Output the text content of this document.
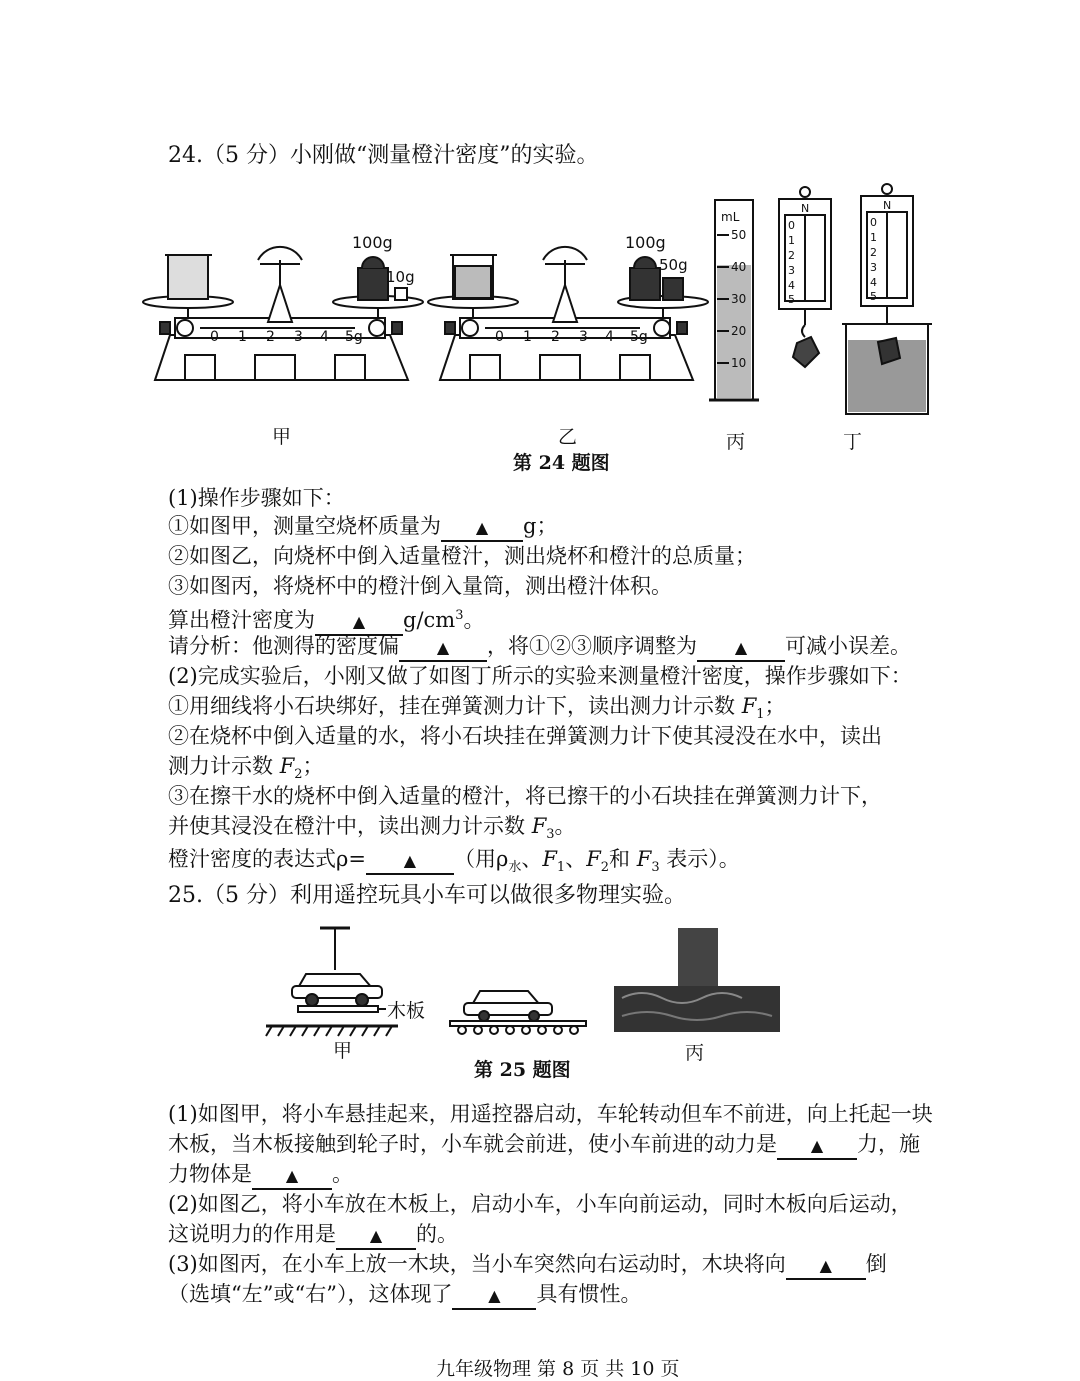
24.（5 分）小刚做“测量橙汁密度”的实验。
0 1 2 3 4 5g
100g
10g
0 1 2 3 4 5g
100g
50g
mL
50
40
30
20
10
N
0
1
2
3
4
5
N
0
1
2
3
4
5
甲	乙	丙	丁
第 24 题图
(1)操作步骤如下：
①如图甲，测量空烧杯质量为 ▲ g；
②如图乙，向烧杯中倒入适量橙汁，测出烧杯和橙汁的总质量；
③如图丙，将烧杯中的橙汁倒入量筒，测出橙汁体积。
算出橙汁密度为 ▲ $g/cm^3$。
请分析：他测得的密度偏 ▲ ，将①②③顺序调整为 ▲ 可减小误差。
(2)完成实验后，小刚又做了如图丁所示的实验来测量橙汁密度，操作步骤如下：
①用细线将小石块绑好，挂在弹簧测力计下，读出测力计示数 $F_1$；
②在烧杯中倒入适量的水，将小石块挂在弹簧测力计下使其浸没在水中，读出
测力计示数 $F_2$；
③在擦干水的烧杯中倒入适量的橙汁，将已擦干的小石块挂在弹簧测力计下，
并使其浸没在橙汁中，读出测力计示数 $F_3$。
橙汁密度的表达式ρ= ▲ （用$\rho_水$、$F_1$、$F_2$和 $F_3$ 表示）。
25.（5 分）利用遥控玩具小车可以做很多物理实验。
木板
甲	丙
第 25 题图
(1)如图甲，将小车悬挂起来，用遥控器启动，车轮转动但车不前进，向上托起一块
木板，当木板接触到轮子时，小车就会前进，使小车前进的动力是 ▲ 力，施
力物体是 ▲ 。
(2)如图乙，将小车放在木板上，启动小车，小车向前运动，同时木板向后运动，
这说明力的作用是 ▲ 的。
(3)如图丙，在小车上放一木块，当小车突然向右运动时，木块将向 ▲ 倒
（选填“左”或“右”），这体现了 ▲ 具有惯性。
九年级物理 第 8 页 共 10 页
